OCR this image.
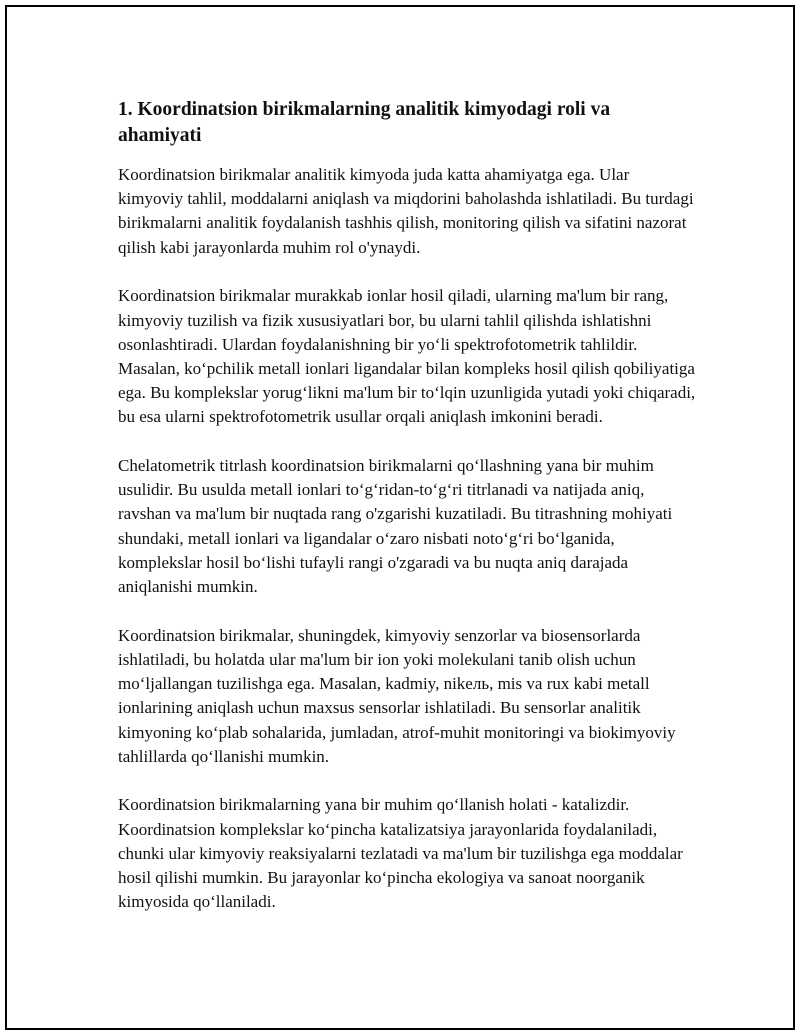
1. Koordinatsion birikmalarning analitik kimyodagi roli va ahamiyati

Koordinatsion birikmalar analitik kimyoda juda katta ahamiyatga ega. Ular kimyoviy tahlil, moddalarni aniqlash va miqdorini baholashda ishlatiladi. Bu turdagi birikmalarni analitik foydalanish tashhis qilish, monitoring qilish va sifatini nazorat qilish kabi jarayonlarda muhim rol o'ynaydi.

Koordinatsion birikmalar murakkab ionlar hosil qiladi, ularning ma'lum bir rang, kimyoviy tuzilish va fizik xususiyatlari bor, bu ularni tahlil qilishda ishlatishni osonlashtiradi. Ulardan foydalanishning bir yo‘li spektrofotometrik tahlildir. Masalan, ko‘pchilik metall ionlari ligandalar bilan kompleks hosil qilish qobiliyatiga ega. Bu komplekslar yorug‘likni ma'lum bir to‘lqin uzunligida yutadi yoki chiqaradi, bu esa ularni spektrofotometrik usullar orqali aniqlash imkonini beradi.

Chelatometrik titrlash koordinatsion birikmalarni qo‘llashning yana bir muhim usulidir. Bu usulda metall ionlari to‘g‘ridan-to‘g‘ri titrlanadi va natijada aniq, ravshan va ma'lum bir nuqtada rang o'zgarishi kuzatiladi. Bu titrashning mohiyati shundaki, metall ionlari va ligandalar o‘zaro nisbati noto‘g‘ri bo‘lganida, komplekslar hosil bo‘lishi tufayli rangi o'zgaradi va bu nuqta aniq darajada aniqlanishi mumkin.

Koordinatsion birikmalar, shuningdek, kimyoviy senzorlar va biosensorlarda ishlatiladi, bu holatda ular ma'lum bir ion yoki molekulani tanib olish uchun mo‘ljallangan tuzilishga ega. Masalan, kadmiy, nikель, mis va rux kabi metall ionlarining aniqlash uchun maxsus sensorlar ishlatiladi. Bu sensorlar analitik kimyoning ko‘plab sohalarida, jumladan, atrof-muhit monitoringi va biokimyoviy tahlillarda qo‘llanishi mumkin.

Koordinatsion birikmalarning yana bir muhim qo‘llanish holati - katalizdir. Koordinatsion komplekslar ko‘pincha katalizatsiya jarayonlarida foydalaniladi, chunki ular kimyoviy reaksiyalarni tezlatadi va ma'lum bir tuzilishga ega moddalar hosil qilishi mumkin. Bu jarayonlar ko‘pincha ekologiya va sanoat noorganik kimyosida qo‘llaniladi.
